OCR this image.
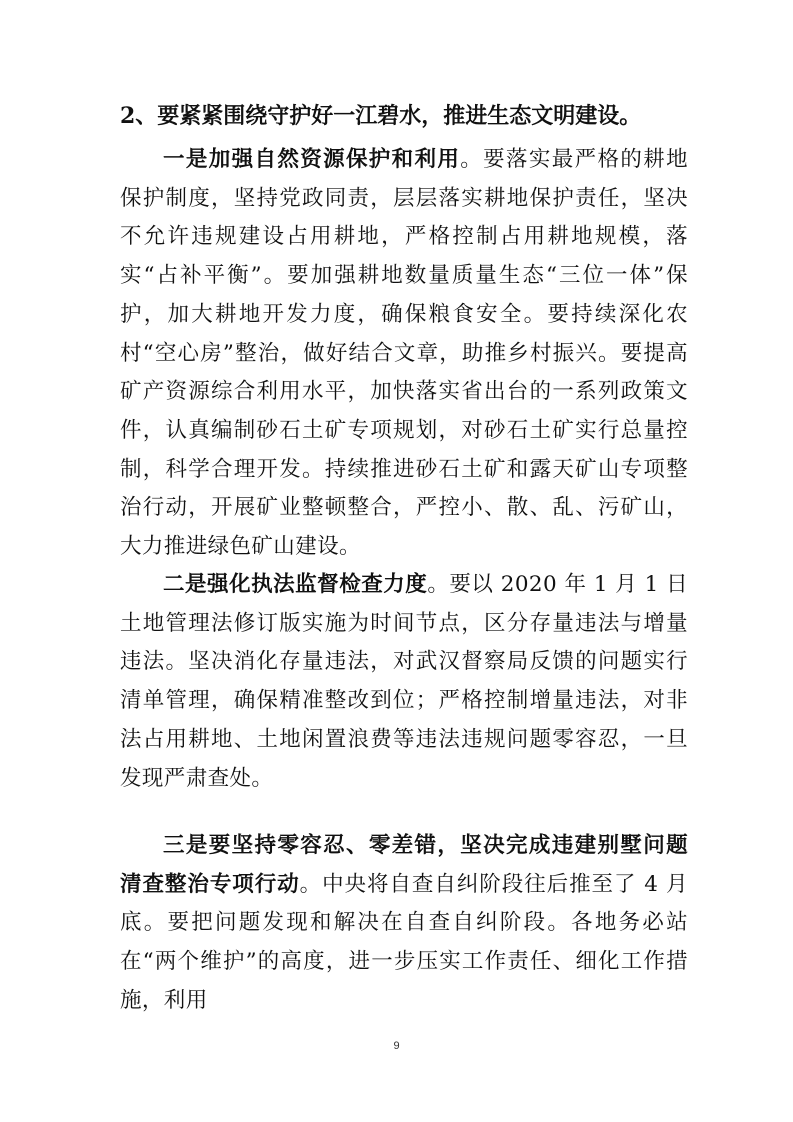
2、要紧紧围绕守护好一江碧水，推进生态文明建设。
一是加强自然资源保护和利用。要落实最严格的耕地保护制度，坚持党政同责，层层落实耕地保护责任，坚决不允许违规建设占用耕地，严格控制占用耕地规模，落实“占补平衡”。要加强耕地数量质量生态“三位一体”保护，加大耕地开发力度，确保粮食安全。要持续深化农村“空心房”整治，做好结合文章，助推乡村振兴。要提高矿产资源综合利用水平，加快落实省出台的一系列政策文件，认真编制砂石土矿专项规划，对砂石土矿实行总量控制，科学合理开发。持续推进砂石土矿和露天矿山专项整治行动，开展矿业整顿整合，严控小、散、乱、污矿山，大力推进绿色矿山建设。
二是强化执法监督检查力度。要以 2020 年 1 月 1 日土地管理法修订版实施为时间节点，区分存量违法与增量违法。坚决消化存量违法，对武汉督察局反馈的问题实行清单管理，确保精准整改到位；严格控制增量违法，对非法占用耕地、土地闲置浪费等违法违规问题零容忍，一旦发现严肃查处。
三是要坚持零容忍、零差错，坚决完成违建别墅问题清查整治专项行动。中央将自查自纠阶段往后推至了 4 月底。要把问题发现和解决在自查自纠阶段。各地务必站在“两个维护”的高度，进一步压实工作责任、细化工作措施，利用
9
